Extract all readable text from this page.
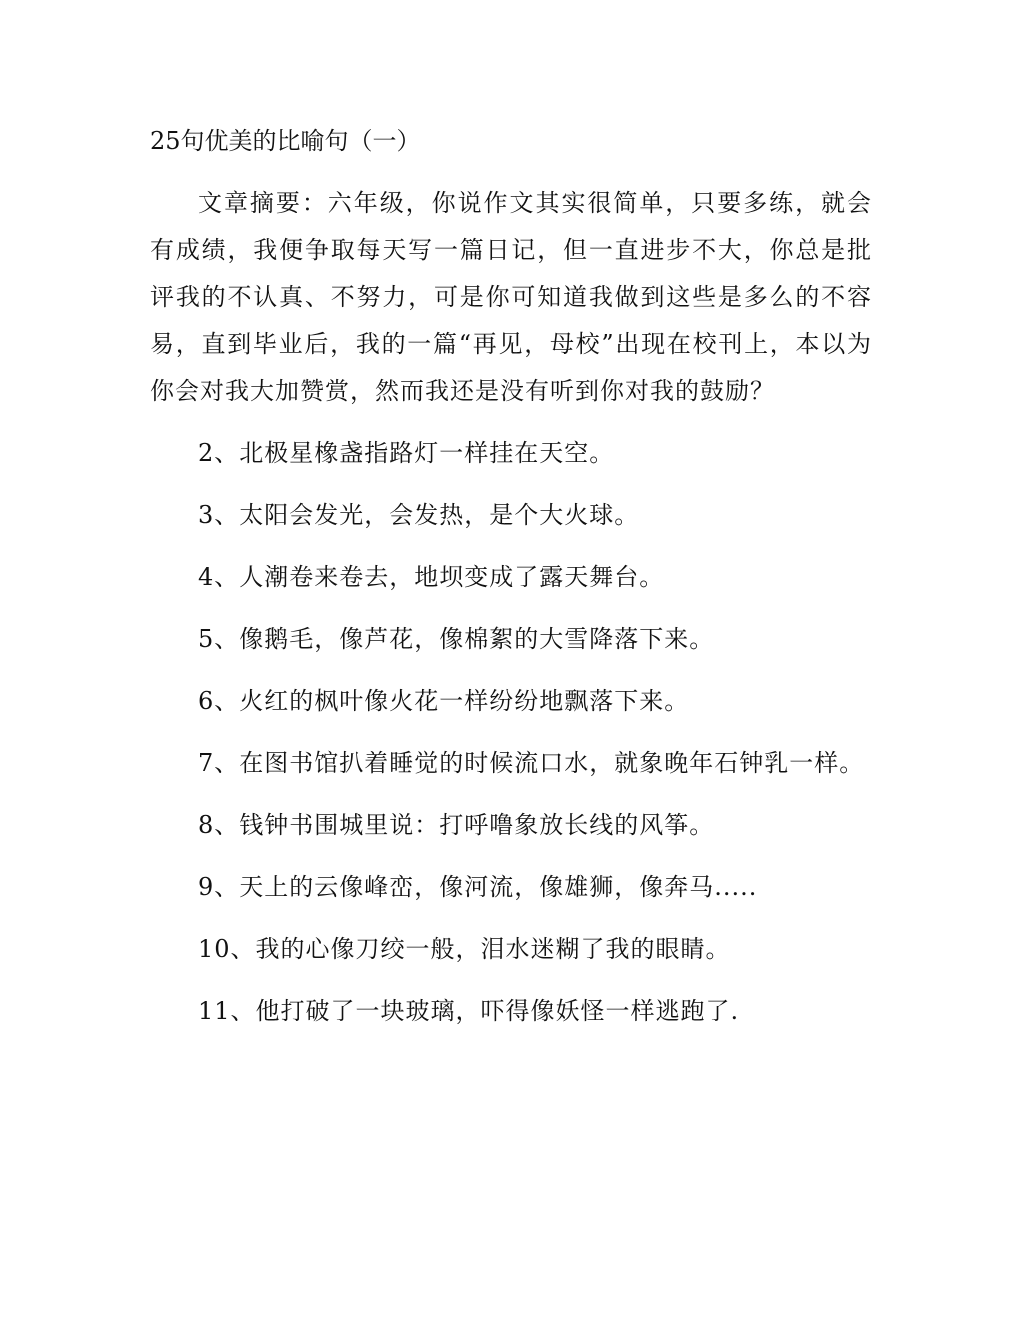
25句优美的比喻句（一）

文章摘要：六年级，你说作文其实很简单，只要多练，就会有成绩，我便争取每天写一篇日记，但一直进步不大，你总是批评我的不认真、不努力，可是你可知道我做到这些是多么的不容易，直到毕业后，我的一篇“再见，母校”出现在校刊上，本以为你会对我大加赞赏，然而我还是没有听到你对我的鼓励？

2、北极星橡盏指路灯一样挂在天空。

3、太阳会发光，会发热，是个大火球。

4、人潮卷来卷去，地坝变成了露天舞台。

5、像鹅毛，像芦花，像棉絮的大雪降落下来。

6、火红的枫叶像火花一样纷纷地飘落下来。

7、在图书馆扒着睡觉的时候流口水，就象晚年石钟乳一样。

8、钱钟书围城里说：打呼噜象放长线的风筝。

9、天上的云像峰峦，像河流，像雄狮，像奔马.....

10、我的心像刀绞一般，泪水迷糊了我的眼睛。

11、他打破了一块玻璃，吓得像妖怪一样逃跑了.
